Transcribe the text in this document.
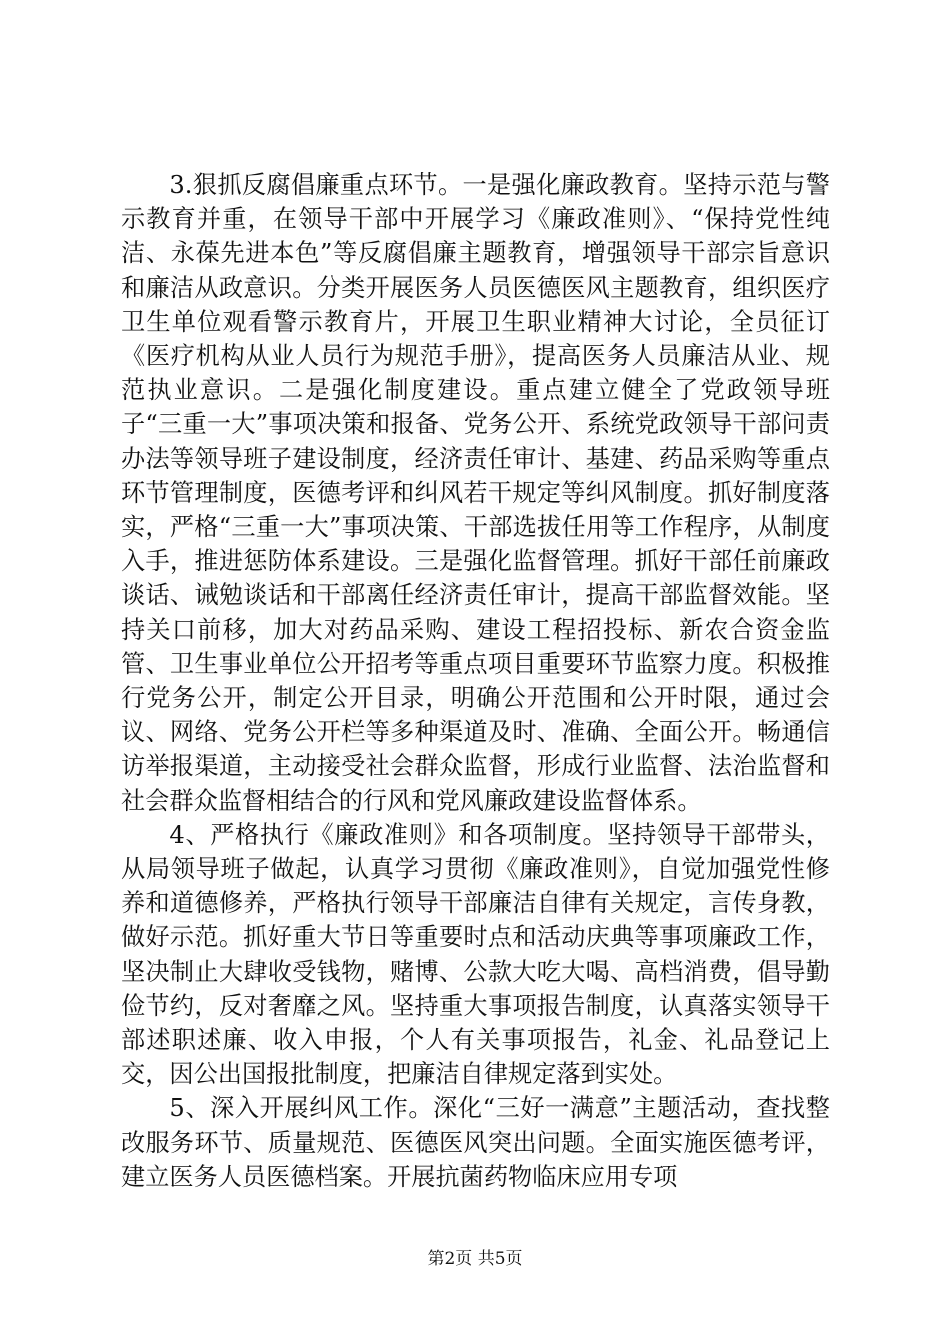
3.狠抓反腐倡廉重点环节。一是强化廉政教育。坚持示范与警示教育并重，在领导干部中开展学习《廉政准则》、“保持党性纯洁、永葆先进本色”等反腐倡廉主题教育，增强领导干部宗旨意识和廉洁从政意识。分类开展医务人员医德医风主题教育，组织医疗卫生单位观看警示教育片，开展卫生职业精神大讨论，全员征订《医疗机构从业人员行为规范手册》，提高医务人员廉洁从业、规范执业意识。二是强化制度建设。重点建立健全了党政领导班子“三重一大”事项决策和报备、党务公开、系统党政领导干部问责办法等领导班子建设制度，经济责任审计、基建、药品采购等重点环节管理制度，医德考评和纠风若干规定等纠风制度。抓好制度落实，严格“三重一大”事项决策、干部选拔任用等工作程序，从制度入手，推进惩防体系建设。三是强化监督管理。抓好干部任前廉政谈话、诫勉谈话和干部离任经济责任审计，提高干部监督效能。坚持关口前移，加大对药品采购、建设工程招投标、新农合资金监管、卫生事业单位公开招考等重点项目重要环节监察力度。积极推行党务公开，制定公开目录，明确公开范围和公开时限，通过会议、网络、党务公开栏等多种渠道及时、准确、全面公开。畅通信访举报渠道，主动接受社会群众监督，形成行业监督、法治监督和社会群众监督相结合的行风和党风廉政建设监督体系。

4、严格执行《廉政准则》和各项制度。坚持领导干部带头，从局领导班子做起，认真学习贯彻《廉政准则》，自觉加强党性修养和道德修养，严格执行领导干部廉洁自律有关规定，言传身教，做好示范。抓好重大节日等重要时点和活动庆典等事项廉政工作，坚决制止大肆收受钱物，赌博、公款大吃大喝、高档消费，倡导勤俭节约，反对奢靡之风。坚持重大事项报告制度，认真落实领导干部述职述廉、收入申报，个人有关事项报告，礼金、礼品登记上交，因公出国报批制度，把廉洁自律规定落到实处。

5、深入开展纠风工作。深化“三好一满意”主题活动，查找整改服务环节、质量规范、医德医风突出问题。全面实施医德考评，建立医务人员医德档案。开展抗菌药物临床应用专项

第2页 共5页
